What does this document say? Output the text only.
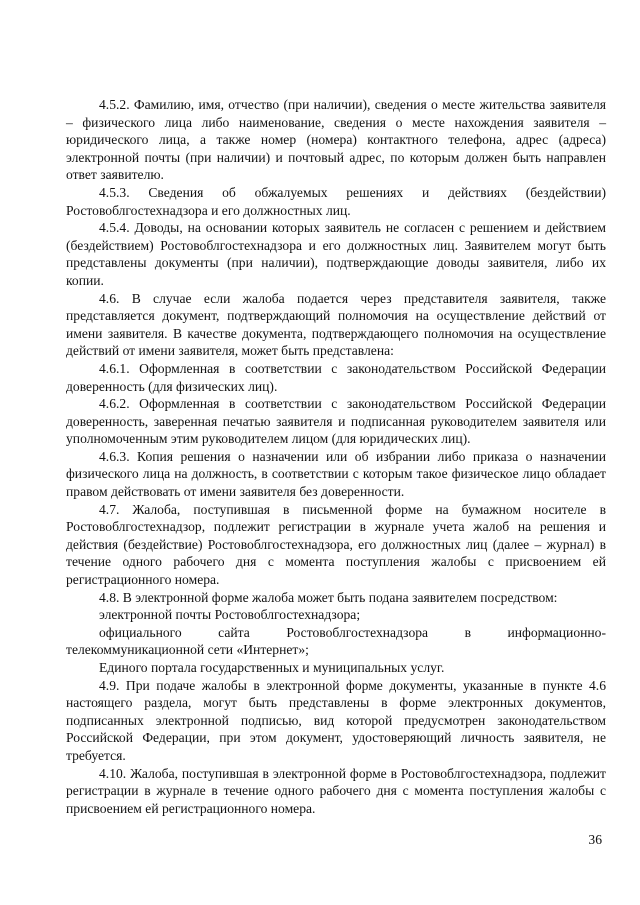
4.5.2. Фамилию, имя, отчество (при наличии), сведения о месте жительства заявителя – физического лица либо наименование, сведения о месте нахождения заявителя – юридического лица, а также номер (номера) контактного телефона, адрес (адреса) электронной почты (при наличии) и почтовый адрес, по которым должен быть направлен ответ заявителю.

4.5.3. Сведения об обжалуемых решениях и действиях (бездействии) Ростовоблгостехнадзора и его должностных лиц.

4.5.4. Доводы, на основании которых заявитель не согласен с решением и действием (бездействием) Ростовоблгостехнадзора и его должностных лиц. Заявителем могут быть представлены документы (при наличии), подтверждающие доводы заявителя, либо их копии.

4.6. В случае если жалоба подается через представителя заявителя, также представляется документ, подтверждающий полномочия на осуществление действий от имени заявителя. В качестве документа, подтверждающего полномочия на осуществление действий от имени заявителя, может быть представлена:

4.6.1. Оформленная в соответствии с законодательством Российской Федерации доверенность (для физических лиц).

4.6.2. Оформленная в соответствии с законодательством Российской Федерации доверенность, заверенная печатью заявителя и подписанная руководителем заявителя или уполномоченным этим руководителем лицом (для юридических лиц).

4.6.3. Копия решения о назначении или об избрании либо приказа о назначении физического лица на должность, в соответствии с которым такое физическое лицо обладает правом действовать от имени заявителя без доверенности.

4.7. Жалоба, поступившая в письменной форме на бумажном носителе в Ростовоблгостехнадзор, подлежит регистрации в журнале учета жалоб на решения и действия (бездействие) Ростовоблгостехнадзора, его должностных лиц (далее – журнал) в течение одного рабочего дня с момента поступления жалобы с присвоением ей регистрационного номера.

4.8. В электронной форме жалоба может быть подана заявителем посредством:

электронной почты Ростовоблгостехнадзора;

официального сайта Ростовоблгостехнадзора в информационно-телекоммуникационной сети «Интернет»;

Единого портала государственных и муниципальных услуг.

4.9. При подаче жалобы в электронной форме документы, указанные в пункте 4.6 настоящего раздела, могут быть представлены в форме электронных документов, подписанных электронной подписью, вид которой предусмотрен законодательством Российской Федерации, при этом документ, удостоверяющий личность заявителя, не требуется.

4.10. Жалоба, поступившая в электронной форме в Ростовоблгостехнадзора, подлежит регистрации в журнале в течение одного рабочего дня с момента поступления жалобы с присвоением ей регистрационного номера.

36
